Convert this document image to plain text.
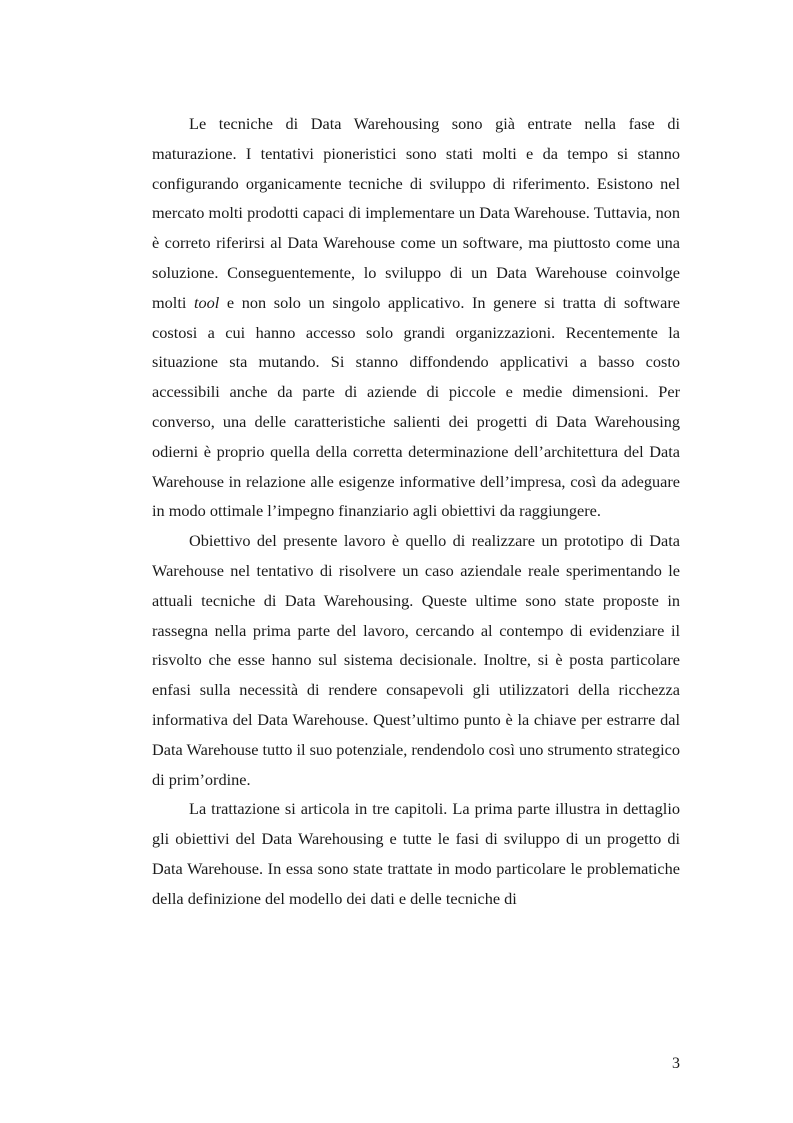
Le tecniche di Data Warehousing sono già entrate nella fase di maturazione. I tentativi pioneristici sono stati molti e da tempo si stanno configurando organicamente tecniche di sviluppo di riferimento. Esistono nel mercato molti prodotti capaci di implementare un Data Warehouse. Tuttavia, non è correto riferirsi al Data Warehouse come un software, ma piuttosto come una soluzione. Conseguentemente, lo sviluppo di un Data Warehouse coinvolge molti tool e non solo un singolo applicativo. In genere si tratta di software costosi a cui hanno accesso solo grandi organizzazioni. Recentemente la situazione sta mutando. Si stanno diffondendo applicativi a basso costo accessibili anche da parte di aziende di piccole e medie dimensioni. Per converso, una delle caratteristiche salienti dei progetti di Data Warehousing odierni è proprio quella della corretta determinazione dell’architettura del Data Warehouse in relazione alle esigenze informative dell’impresa, così da adeguare in modo ottimale l’impegno finanziario agli obiettivi da raggiungere.

Obiettivo del presente lavoro è quello di realizzare un prototipo di Data Warehouse nel tentativo di risolvere un caso aziendale reale sperimentando le attuali tecniche di Data Warehousing. Queste ultime sono state proposte in rassegna nella prima parte del lavoro, cercando al contempo di evidenziare il risvolto che esse hanno sul sistema decisionale. Inoltre, si è posta particolare enfasi sulla necessità di rendere consapevoli gli utilizzatori della ricchezza informativa del Data Warehouse. Quest’ultimo punto è la chiave per estrarre dal Data Warehouse tutto il suo potenziale, rendendolo così uno strumento strategico di prim’ordine.

La trattazione si articola in tre capitoli. La prima parte illustra in dettaglio gli obiettivi del Data Warehousing e tutte le fasi di sviluppo di un progetto di Data Warehouse. In essa sono state trattate in modo particolare le problematiche della definizione del modello dei dati e delle tecniche di

3
